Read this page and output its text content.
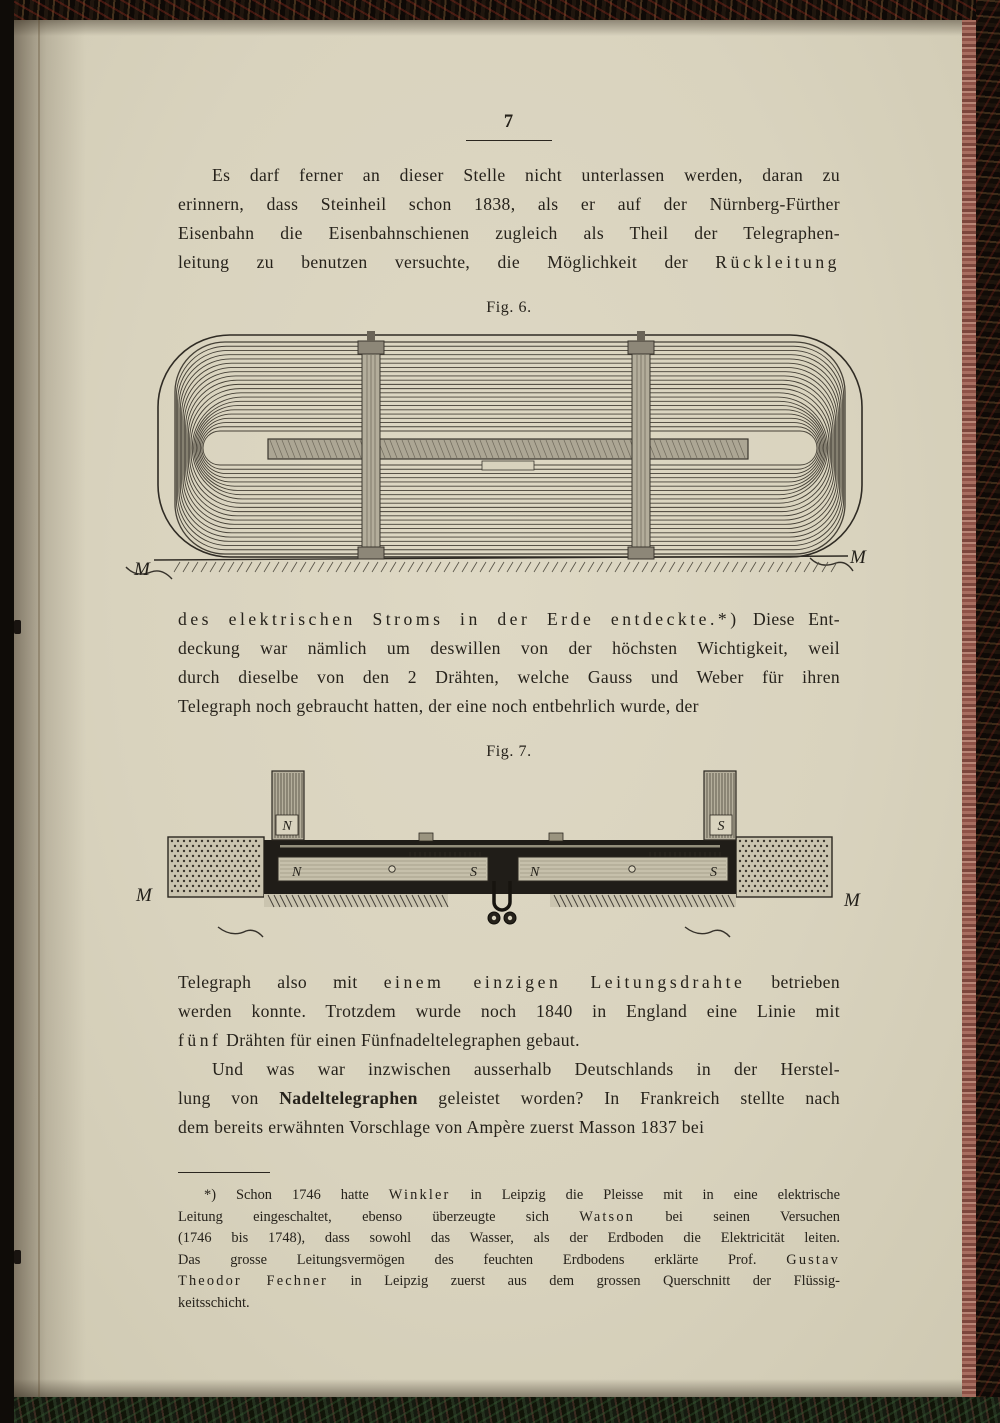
7
Es darf ferner an dieser Stelle nicht unterlassen werden, daran zu
erinnern, dass Steinheil schon 1838, als er auf der Nürnberg-Fürther
Eisenbahn die Eisenbahnschienen zugleich als Theil der Telegraphen-
leitung zu benutzen versuchte, die Möglichkeit der Rückleitung
Fig. 6.
M
M
des elektrischen Stroms in der Erde entdeckte.*) Diese Ent-
deckung war nämlich um deswillen von der höchsten Wichtigkeit, weil
durch dieselbe von den 2 Drähten, welche Gauss und Weber für ihren
Telegraph noch gebraucht hatten, der eine noch entbehrlich wurde, der
Fig. 7.
N	S
N	S	N	S
M	M
Telegraph also mit einem einzigen Leitungsdrahte betrieben
werden konnte. Trotzdem wurde noch 1840 in England eine Linie mit
fünf Drähten für einen Fünfnadeltelegraphen gebaut.
Und was war inzwischen ausserhalb Deutschlands in der Herstel-
lung von Nadeltelegraphen geleistet worden? In Frankreich stellte nach
dem bereits erwähnten Vorschlage von Ampère zuerst Masson 1837 bei
*) Schon 1746 hatte Winkler in Leipzig die Pleisse mit in eine elektrische
Leitung eingeschaltet, ebenso überzeugte sich Watson bei seinen Versuchen
(1746 bis 1748), dass sowohl das Wasser, als der Erdboden die Elektricität leiten.
Das grosse Leitungsvermögen des feuchten Erdbodens erklärte Prof. Gustav
Theodor Fechner in Leipzig zuerst aus dem grossen Querschnitt der Flüssig-
keitsschicht.
